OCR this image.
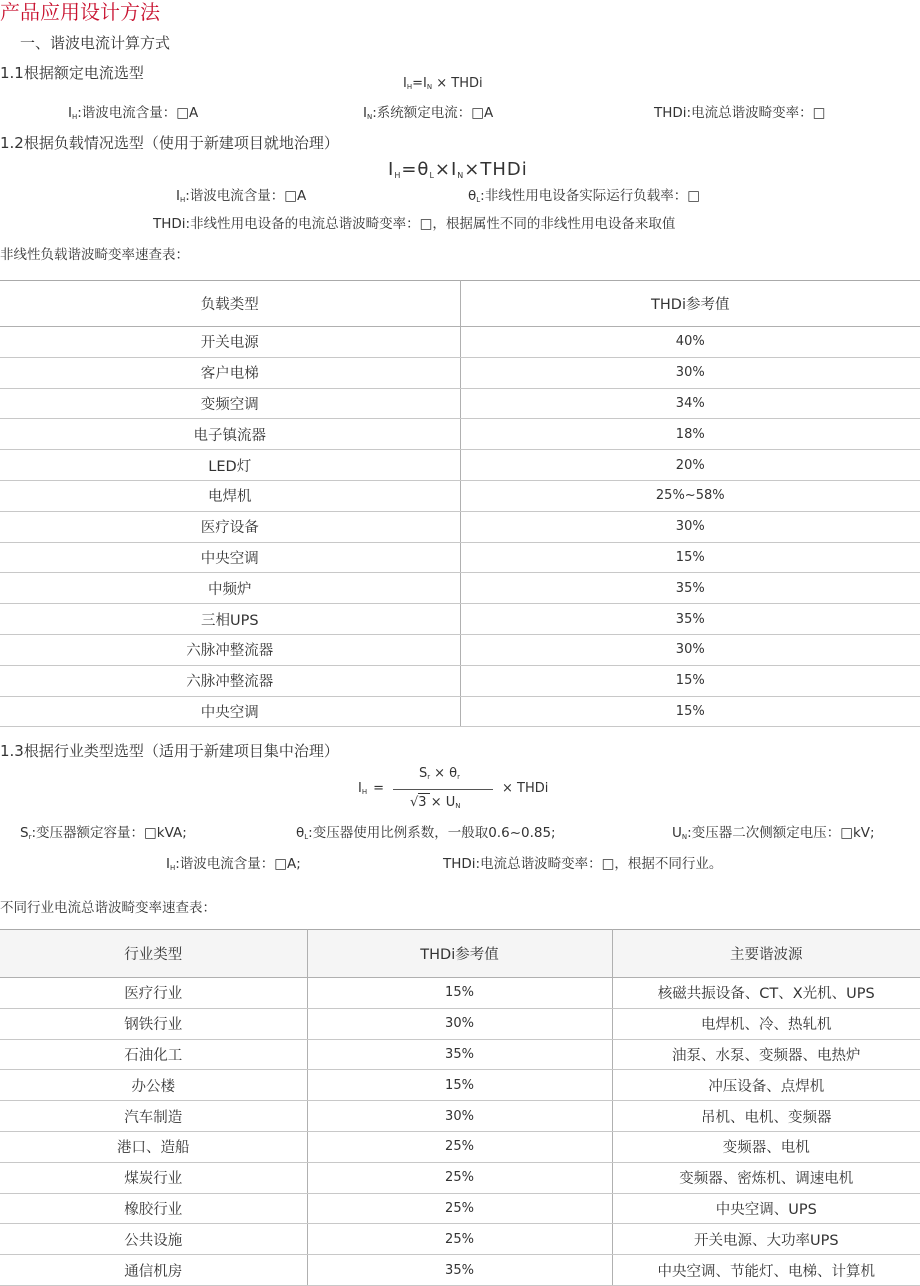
产品应用设计方法
一、谐波电流计算方式
1.1根据额定电流选型
$I_H=I_N$ × THDi
$I_H$:谐波电流含量：□A	$I_N$:系统额定电流：□A	THDi:电流总谐波畸变率：□
1.2根据负载情况选型（使用于新建项目就地治理）
$I_H=\theta_L\times I_N\times THDi$
$I_H$:谐波电流含量：□A	$\theta_L$:非线性用电设备实际运行负载率：□
THDi:非线性用电设备的电流总谐波畸变率：□，根据属性不同的非线性用电设备来取值
非线性负载谐波畸变率速查表：
负载类型	THDi参考值
开关电源	40%
客户电梯	30%
变频空调	34%
电子镇流器	18%
LED灯	20%
电焊机	25%~58%
医疗设备	30%
中央空调	15%
中频炉	35%
三相UPS	35%
六脉冲整流器	30%
六脉冲整流器	15%
中央空调	15%
1.3根据行业类型选型（适用于新建项目集中治理）
$I_H$ =
$S_r \times \theta_r$
$√3 \times U_N$
× THDi
$S_r$:变压器额定容量：□kVA;	$\theta_L$:变压器使用比例系数，一般取0.6~0.85;	$U_N$:变压器二次侧额定电压：□kV;
$I_H$:谐波电流含量：□A;	THDi:电流总谐波畸变率：□，根据不同行业。
不同行业电流总谐波畸变率速查表：
行业类型	THDi参考值	主要谐波源
医疗行业	15%	核磁共振设备、CT、X光机、UPS
钢铁行业	30%	电焊机、冷、热轧机
石油化工	35%	油泵、水泵、变频器、电热炉
办公楼	15%	冲压设备、点焊机
汽车制造	30%	吊机、电机、变频器
港口、造船	25%	变频器、电机
煤炭行业	25%	变频器、密炼机、调速电机
橡胶行业	25%	中央空调、UPS
公共设施	25%	开关电源、大功率UPS
通信机房	35%	中央空调、节能灯、电梯、计算机
